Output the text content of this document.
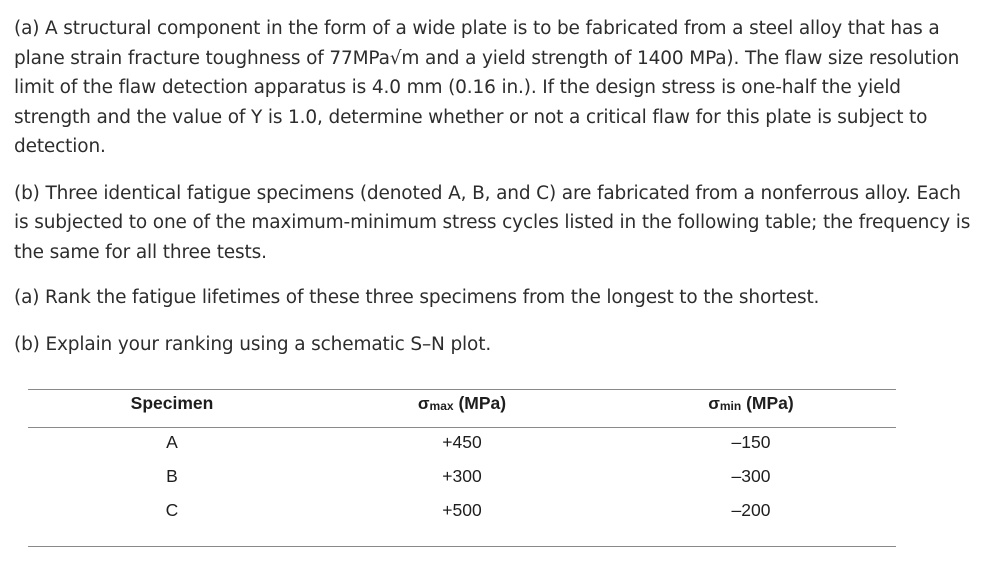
(a) A structural component in the form of a wide plate is to be fabricated from a steel alloy that has a plane strain fracture toughness of 77MPa√m and a yield strength of 1400 MPa). The flaw size resolution limit of the flaw detection apparatus is 4.0 mm (0.16 in.). If the design stress is one-half the yield strength and the value of Y is 1.0, determine whether or not a critical flaw for this plate is subject to detection.

(b) Three identical fatigue specimens (denoted A, B, and C) are fabricated from a nonferrous alloy. Each is subjected to one of the maximum-minimum stress cycles listed in the following table; the frequency is the same for all three tests.

(a) Rank the fatigue lifetimes of these three specimens from the longest to the shortest.

(b) Explain your ranking using a schematic S–N plot.

Specimen	σmax (MPa)	σmin (MPa)
A	+450	–150
B	+300	–300
C	+500	–200
